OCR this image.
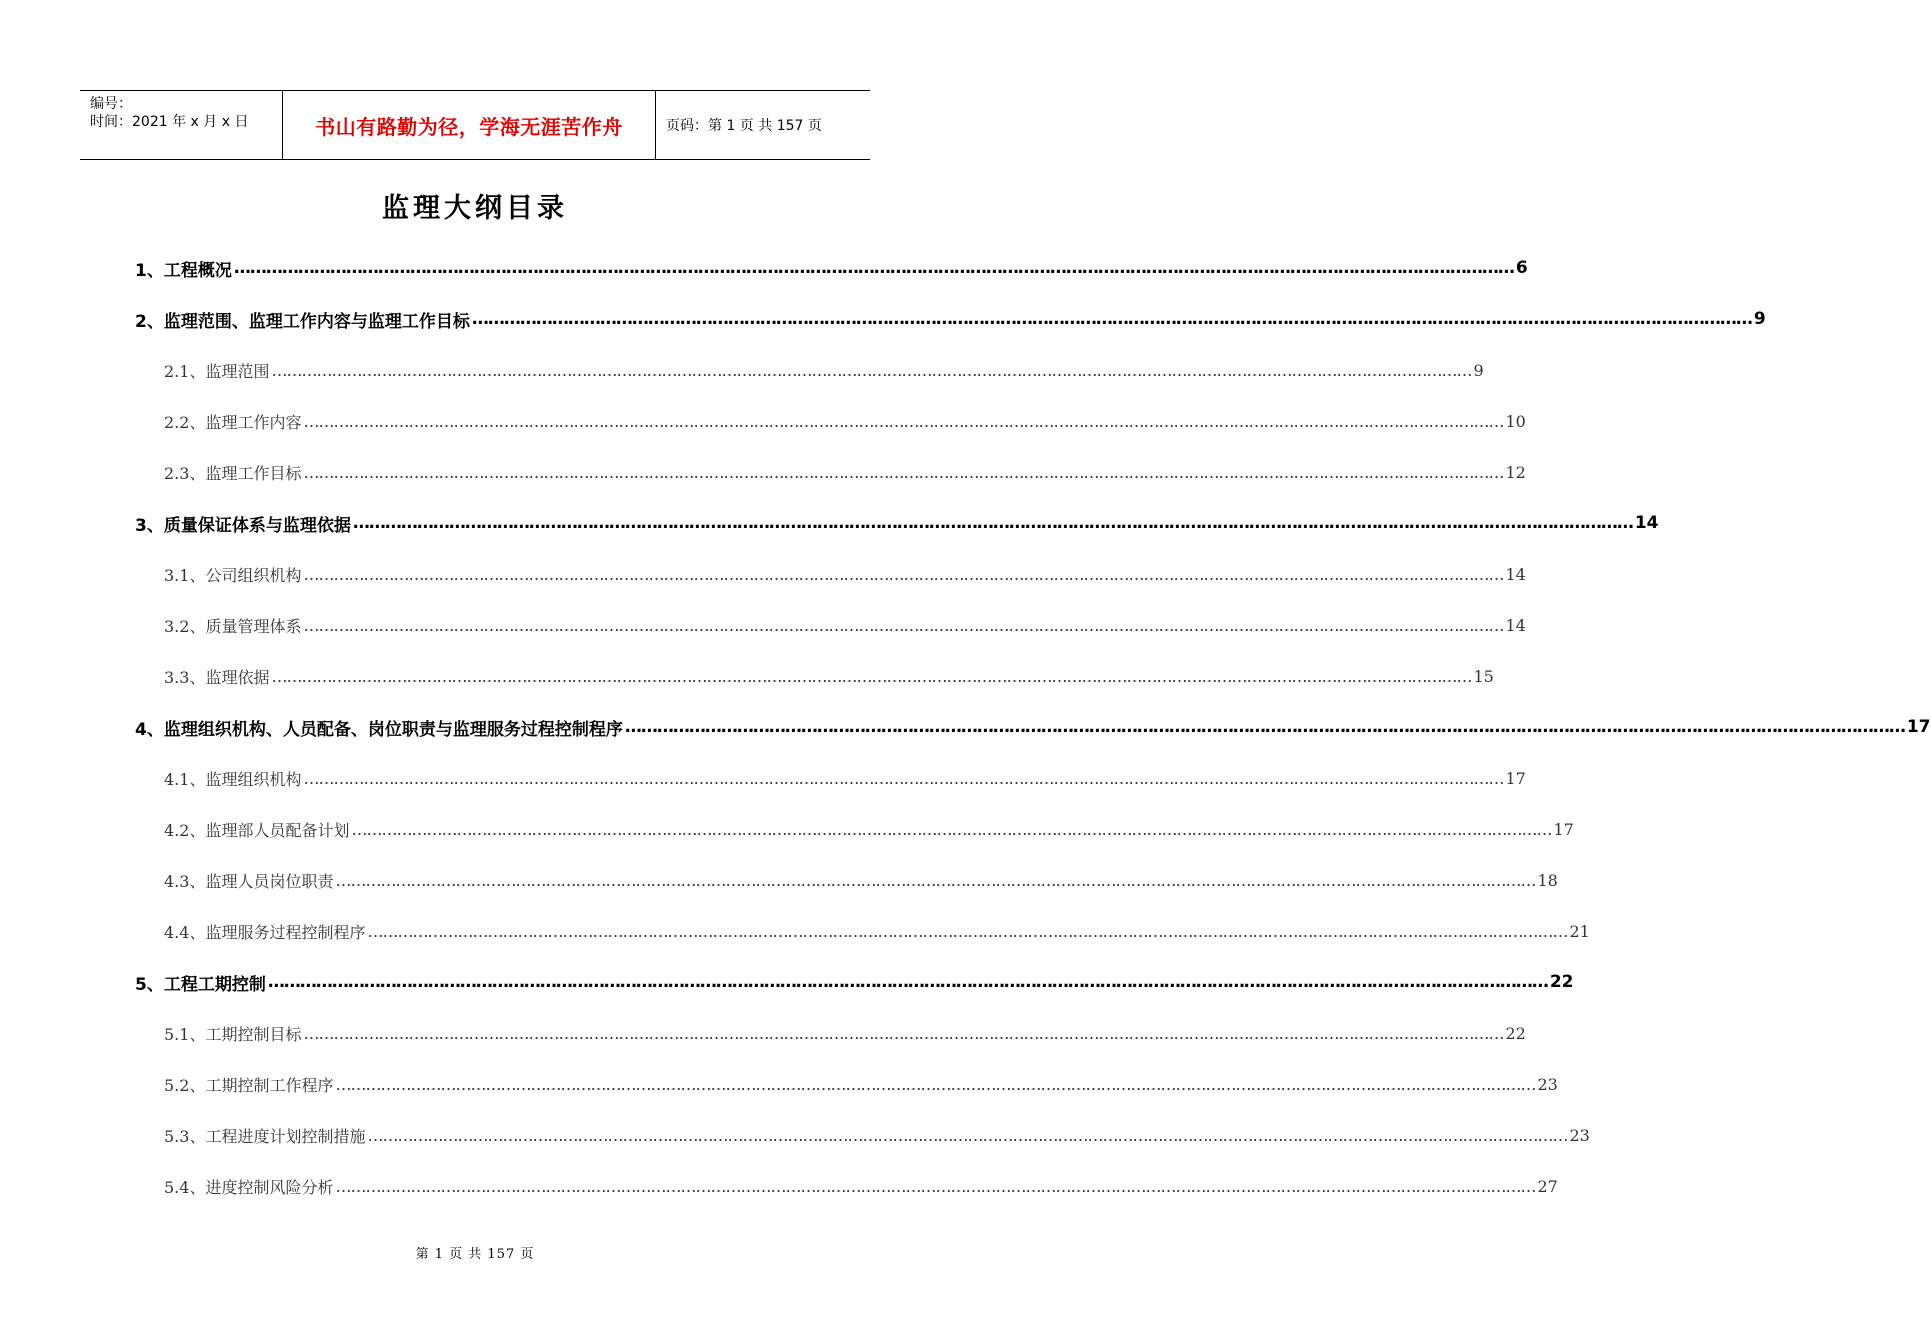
编号：
时间：2021 年 x 月 x 日	书山有路勤为径，学海无涯苦作舟	页码：第 1 页 共 157 页
监理大纲目录
1、工程概况 …………………………………………………………………………………………………………………………………………………………………………………………………………………… 6
2、监理范围、监理工作内容与监理工作目标 …………………………………………………………………………………………………………………………………………………………………………………………………………………… 9
2.1、监理范围 …………………………………………………………………………………………………………………………………………………………………………………………………………………… 9
2.2、监理工作内容 …………………………………………………………………………………………………………………………………………………………………………………………………………………… 10
2.3、监理工作目标 …………………………………………………………………………………………………………………………………………………………………………………………………………………… 12
3、质量保证体系与监理依据 …………………………………………………………………………………………………………………………………………………………………………………………………………………… 14
3.1、公司组织机构 …………………………………………………………………………………………………………………………………………………………………………………………………………………… 14
3.2、质量管理体系 …………………………………………………………………………………………………………………………………………………………………………………………………………………… 14
3.3、监理依据 …………………………………………………………………………………………………………………………………………………………………………………………………………………… 15
4、监理组织机构、人员配备、岗位职责与监理服务过程控制程序 …………………………………………………………………………………………………………………………………………………………………………………………………………………… 17
4.1、监理组织机构 …………………………………………………………………………………………………………………………………………………………………………………………………………………… 17
4.2、监理部人员配备计划 …………………………………………………………………………………………………………………………………………………………………………………………………………………… 17
4.3、监理人员岗位职责 …………………………………………………………………………………………………………………………………………………………………………………………………………………… 18
4.4、监理服务过程控制程序 …………………………………………………………………………………………………………………………………………………………………………………………………………………… 21
5、工程工期控制 …………………………………………………………………………………………………………………………………………………………………………………………………………………… 22
5.1、工期控制目标 …………………………………………………………………………………………………………………………………………………………………………………………………………………… 22
5.2、工期控制工作程序 …………………………………………………………………………………………………………………………………………………………………………………………………………………… 23
5.3、工程进度计划控制措施 …………………………………………………………………………………………………………………………………………………………………………………………………………………… 23
5.4、进度控制风险分析 …………………………………………………………………………………………………………………………………………………………………………………………………………………… 27
第 1 页 共 157 页
